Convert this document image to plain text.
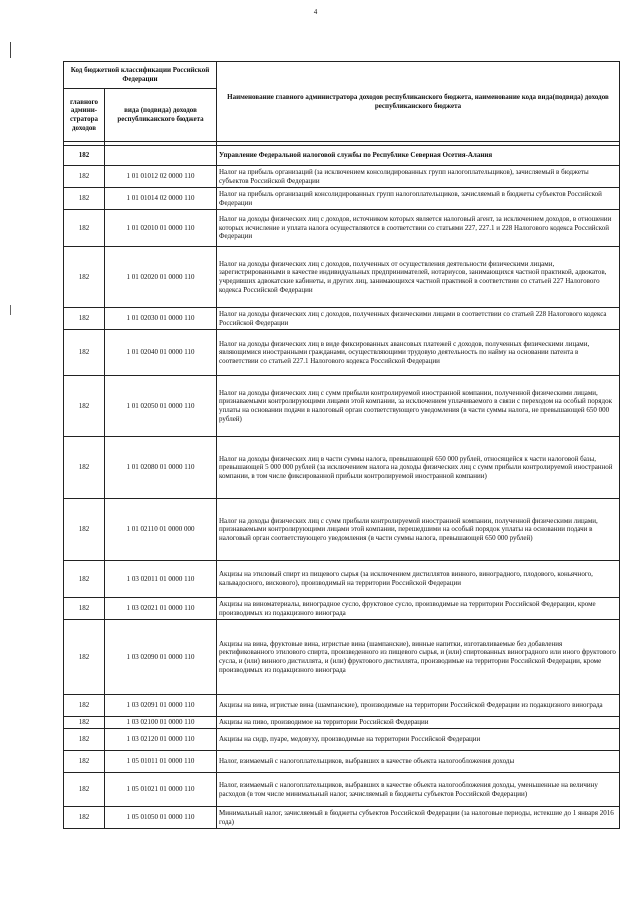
4
Код бюджетной классификации Российской Федерации		Наименование главного администратора доходов республиканского бюджета, наименование кода вида(подвида) доходов республиканского бюджета
главного админи-стратора доходов	вида (подвида) доходов республиканского бюджета	

182		Управление Федеральной налоговой службы по Республике Северная Осетия-Алания
182	1 01 01012 02 0000 110	Налог на прибыль организаций (за исключением консолидированных групп налогоплательщиков), зачисляемый в бюджеты субъектов Российской Федерации
182	1 01 01014 02 0000 110	Налог на прибыль организаций консолидированных групп налогоплательщиков, зачисляемый в бюджеты субъектов Российской Федерации
182	1 01 02010 01 0000 110	Налог на доходы физических лиц с доходов, источником которых является налоговый агент, за исключением доходов, в отношении которых исчисление и уплата налога осуществляются в соответствии со статьями 227, 227.1 и 228 Налогового кодекса Российской Федерации
182	1 01 02020 01 0000 110	Налог на доходы физических лиц с доходов, полученных от осуществления деятельности физическими лицами, зарегистрированными в качестве индивидуальных предпринимателей, нотариусов, занимающихся частной практикой, адвокатов, учредивших адвокатские кабинеты, и других лиц, занимающихся частной практикой в соответствии со статьей 227 Налогового кодекса Российской Федерации
182	1 01 02030 01 0000 110	Налог на доходы физических лиц с доходов, полученных физическими лицами в соответствии со статьей 228 Налогового кодекса Российской Федерации
182	1 01 02040 01 0000 110	Налог на доходы физических лиц в виде фиксированных авансовых платежей с доходов, полученных физическими лицами, являющимися иностранными гражданами, осуществляющими трудовую деятельность по найму на основании патента в соответствии со статьей 227.1 Налогового кодекса Российской Федерации
182	1 01 02050 01 0000 110	Налог на доходы физических лиц с сумм прибыли контролируемой иностранной компании, полученной физическими лицами, признаваемыми контролирующими лицами этой компании, за исключением уплачиваемого в связи с переходом на особый порядок уплаты на основании подачи в налоговый орган соответствующего уведомления (в части суммы налога, не превышающей 650 000 рублей)
182	1 01 02080 01 0000 110	Налог на доходы физических лиц в части суммы налога, превышающей 650 000 рублей, относящейся к части налоговой базы, превышающей 5 000 000 рублей (за исключением налога на доходы физических лиц с сумм прибыли контролируемой иностранной компании, в том числе фиксированной прибыли контролируемой иностранной компании)
182	1 01 02110 01 0000 000	Налог на доходы физических лиц с сумм прибыли контролируемой иностранной компании, полученной физическими лицами, признаваемыми контролирующими лицами этой компании, перешедшими на особый порядок уплаты на основании подачи в налоговый орган соответствующего уведомления (в части суммы налога, превышающей 650 000 рублей)
182	1 03 02011 01 0000 110	Акцизы на этиловый спирт из пищевого сырья (за исключением дистиллятов винного, виноградного, плодового, коньячного, кальвадосного, вискового), производимый на территории Российской Федерации
182	1 03 02021 01 0000 110	Акцизы на виноматериалы, виноградное сусло, фруктовое сусло, производимые на территории Российской Федерации, кроме производимых из подакцизного винограда
182	1 03 02090 01 0000 110	Акцизы на вина, фруктовые вина, игристые вина (шампанские), винные напитки, изготавливаемые без добавления ректификованного этилового спирта, произведенного из пищевого сырья, и (или) спиртованных виноградного или иного фруктового сусла, и (или) винного дистиллята, и (или) фруктового дистиллята, производимые на территории Российской Федерации, кроме производимых из подакцизного винограда
182	1 03 02091 01 0000 110	Акцизы на вина, игристые вина (шампанские), производимые на территории Российской Федерации из подакцизного винограда
182	1 03 02100 01 0000 110	Акцизы на пиво, производимое на территории Российской Федерации
182	1 03 02120 01 0000 110	Акцизы на сидр, пуаре, медовуху, производимые на территории Российской Федерации
182	1 05 01011 01 0000 110	Налог, взимаемый с налогоплательщиков, выбравших в качестве объекта налогообложения доходы
182	1 05 01021 01 0000 110	Налог, взимаемый с налогоплательщиков, выбравших в качестве объекта налогообложения доходы, уменьшенные на величину расходов (в том числе минимальный налог, зачисляемый в бюджеты субъектов Российской Федерации)
182	1 05 01050 01 0000 110	Минимальный налог, зачисляемый в бюджеты субъектов Российской Федерации (за налоговые периоды, истекшие до 1 января 2016 года)
